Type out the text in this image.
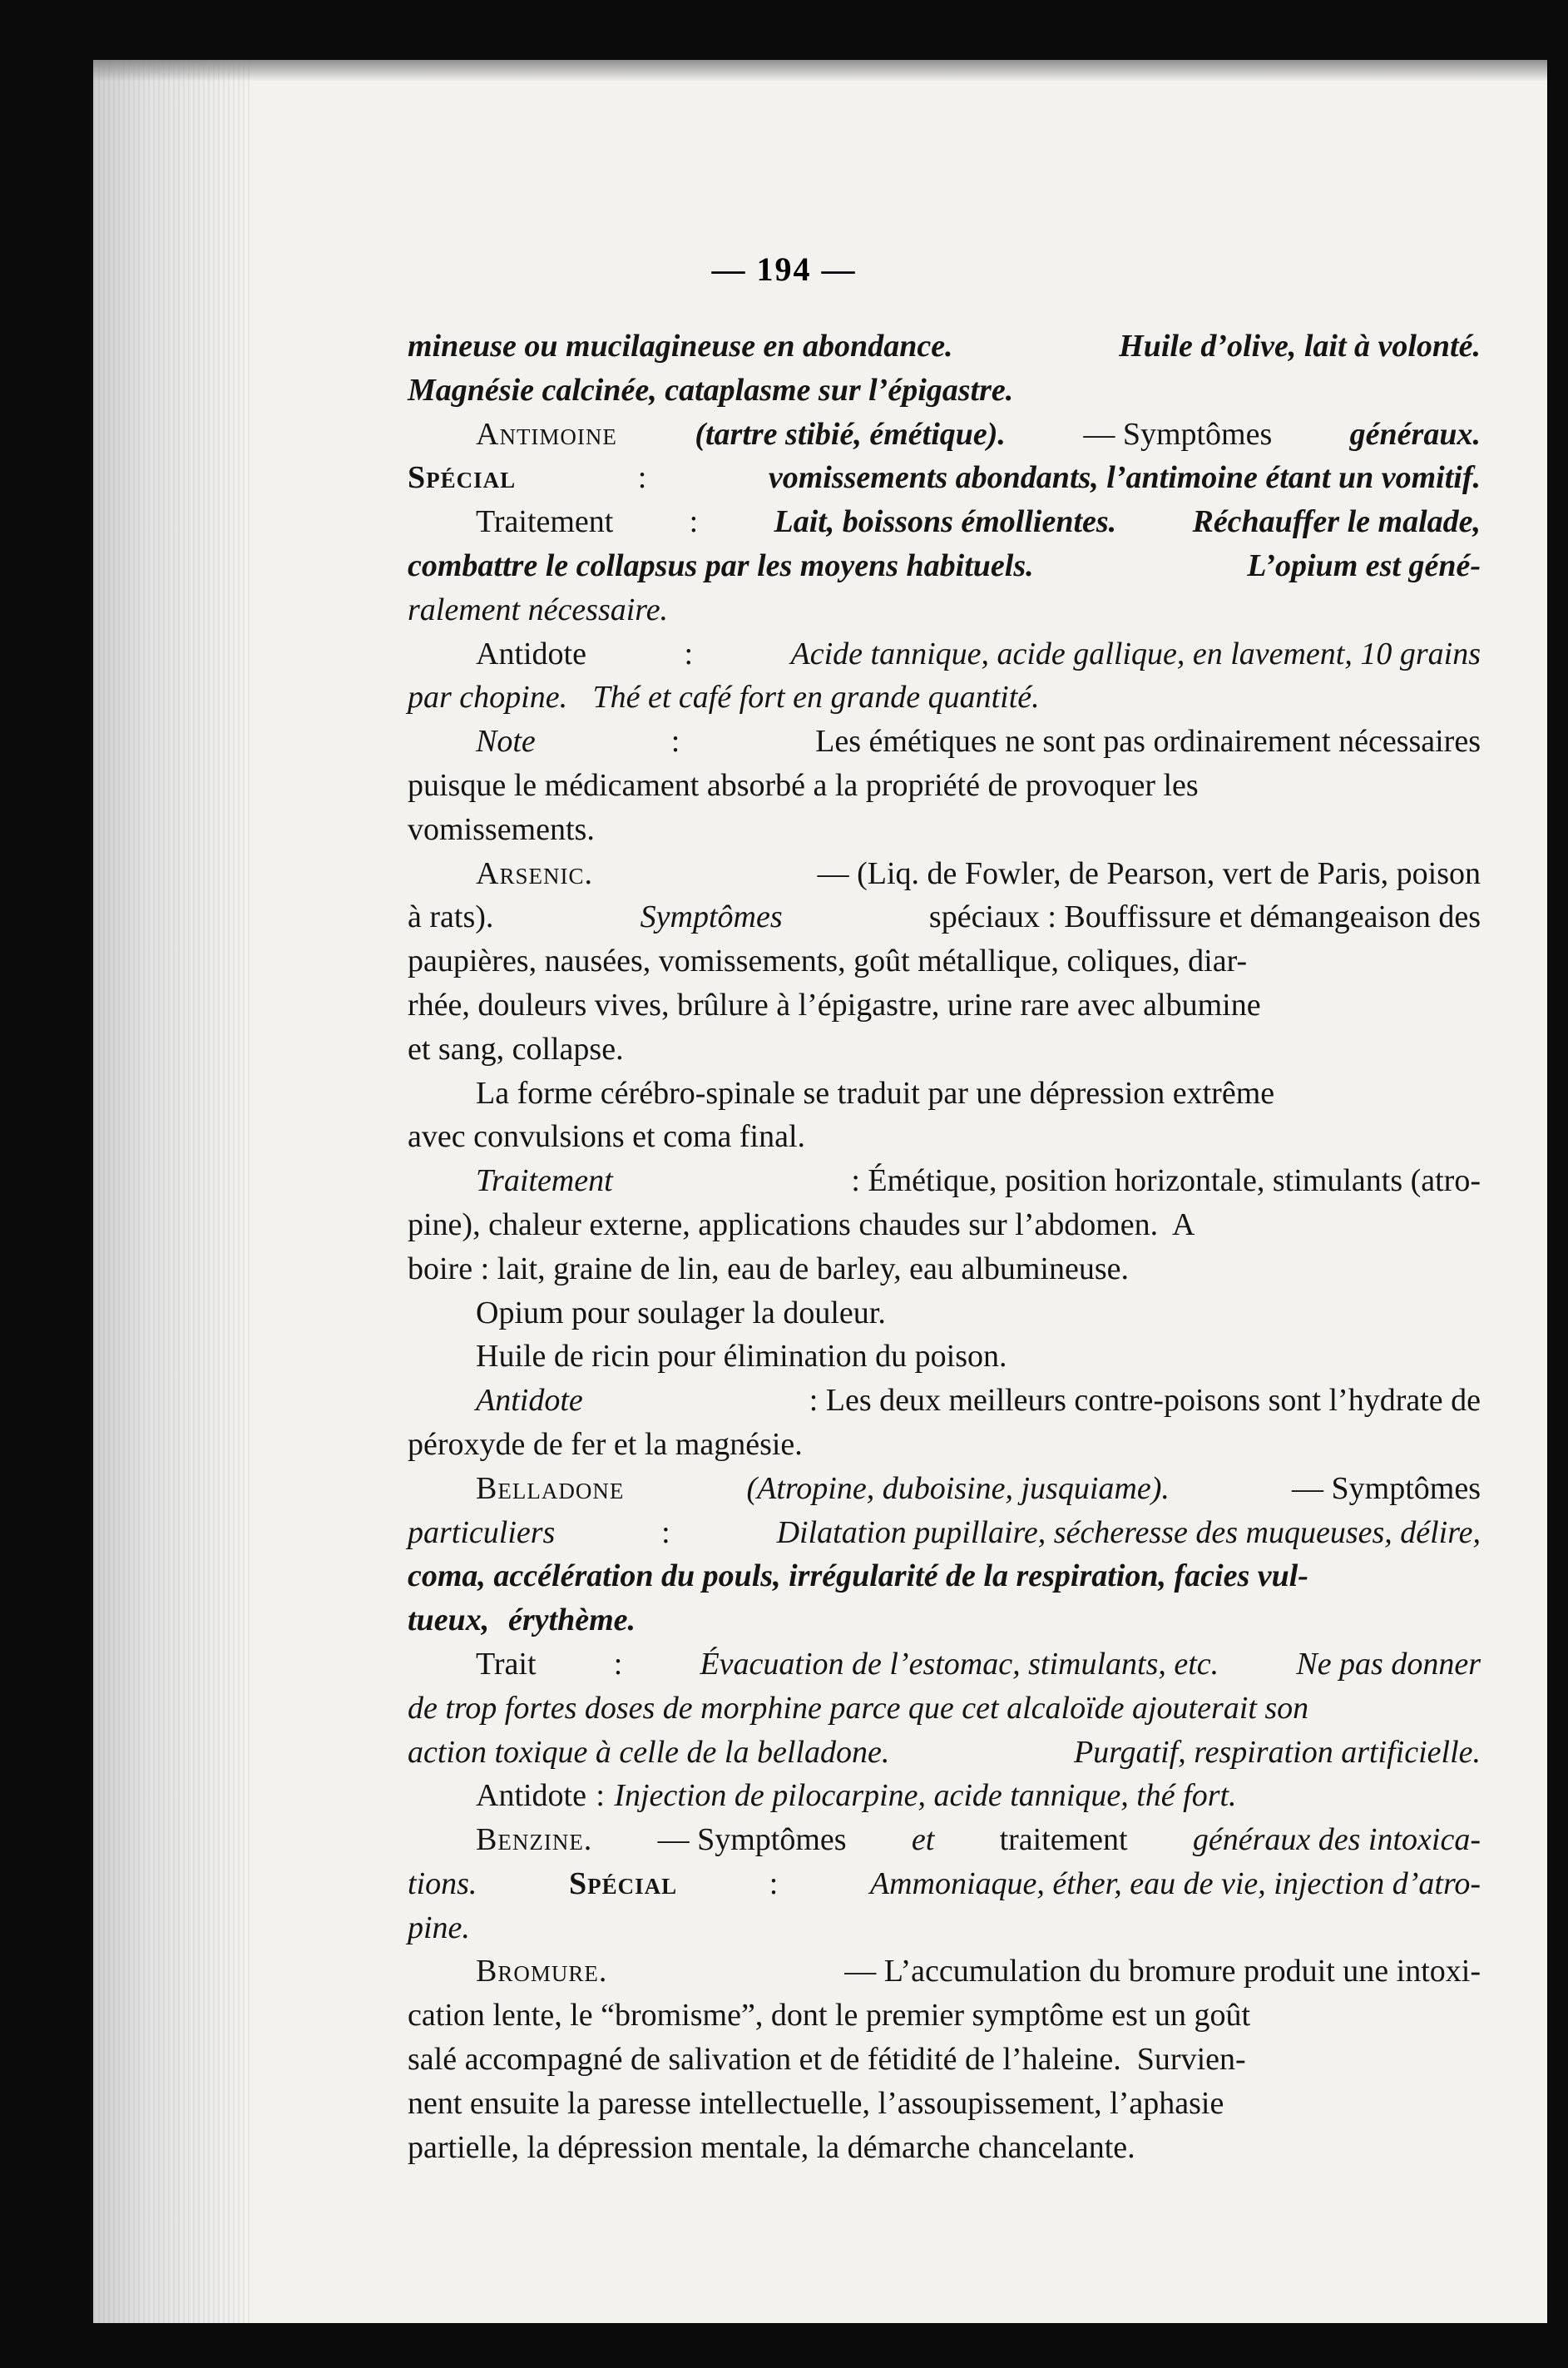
— 194 —
mineuse ou mucilagineuse en abondance.	Huile d’olive, lait à volonté.
Magnésie calcinée, cataplasme sur l’épigastre.
Antimoine (tartre stibié, émétique). — Symptômes généraux.
Spécial	:	vomissements abondants, l’antimoine étant un vomitif.
Traitement : Lait, boissons émollientes. Réchauffer le malade,
combattre le collapsus par les moyens habituels.	L’opium est géné-
ralement nécessaire.
Antidote	:	Acide tannique, acide gallique, en lavement, 10 grains
par chopine. Thé et café fort en grande quantité.
Note	:	Les émétiques ne sont pas ordinairement nécessaires
puisque le médicament absorbé a la propriété de provoquer les
vomissements.
Arsenic.	— (Liq. de Fowler, de Pearson, vert de Paris, poison
à rats).	Symptômes	spéciaux : Bouffissure et démangeaison des
paupières, nausées, vomissements, goût métallique, coliques, diar-
rhée, douleurs vives, brûlure à l’épigastre, urine rare avec albumine
et sang, collapse.
La forme cérébro-spinale se traduit par une dépression extrême
avec convulsions et coma final.
Traitement	: Émétique, position horizontale, stimulants (atro-
pine), chaleur externe, applications chaudes sur l’abdomen.  A
boire : lait, graine de lin, eau de barley, eau albumineuse.
Opium pour soulager la douleur.
Huile de ricin pour élimination du poison.
Antidote	: Les deux meilleurs contre-poisons sont l’hydrate de
péroxyde de fer et la magnésie.
Belladone	(Atropine, duboisine, jusquiame).	— Symptômes
particuliers	:	Dilatation pupillaire, sécheresse des muqueuses, délire,
coma, accélération du pouls, irrégularité de la respiration, facies vul-
tueux, érythème.
Trait : Évacuation de l’estomac, stimulants, etc. Ne pas donner
de trop fortes doses de morphine parce que cet alcaloïde ajouterait son
action toxique à celle de la belladone.	Purgatif, respiration artificielle.
Antidote : Injection de pilocarpine, acide tannique, thé fort.
Benzine. — Symptômes et traitement généraux des intoxica-
tions.	Spécial	:	Ammoniaque, éther, eau de vie, injection d’atro-
pine.
Bromure.	— L’accumulation du bromure produit une intoxi-
cation lente, le “bromisme”, dont le premier symptôme est un goût
salé accompagné de salivation et de fétidité de l’haleine.  Survien-
nent ensuite la paresse intellectuelle, l’assoupissement, l’aphasie
partielle, la dépression mentale, la démarche chancelante.
